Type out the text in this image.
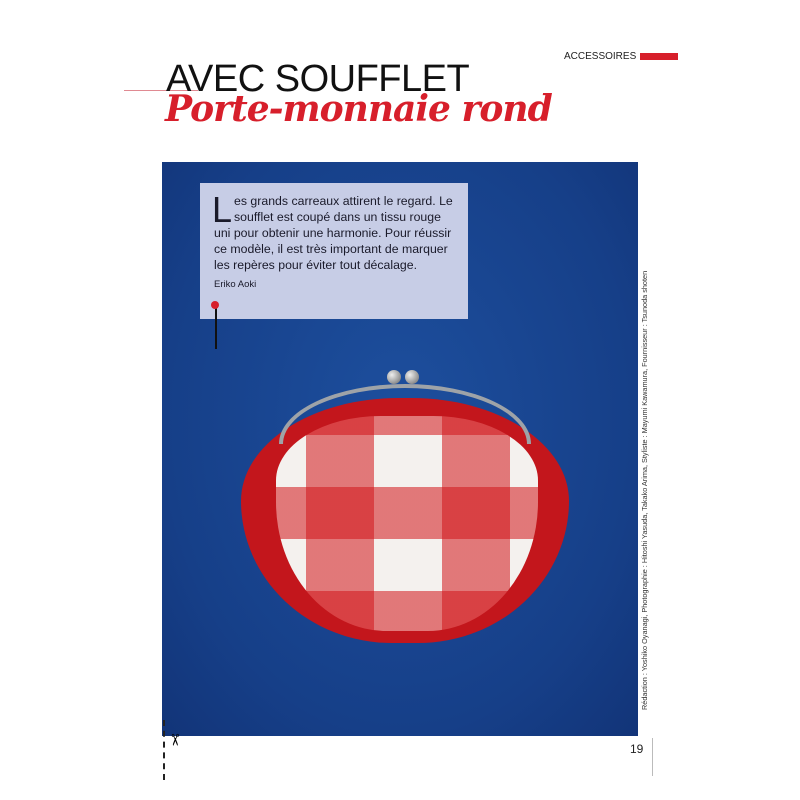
ACCESSOIRES
AVEC SOUFFLET
Porte-monnaie rond
L es grands carreaux attirent le regard. Le soufflet est coupé dans un tissu rouge uni pour obtenir une harmonie. Pour réussir ce modèle, il est très important de marquer les repères pour éviter tout décalage.
Eriko Aoki	Rédaction : Yoshiko Oyanagi, Photographie : Hitoshi Yasuda, Takako Arima, Styliste : Mayumi Kawamura, Fournisseur : Tsunoda shoten
✂
19
